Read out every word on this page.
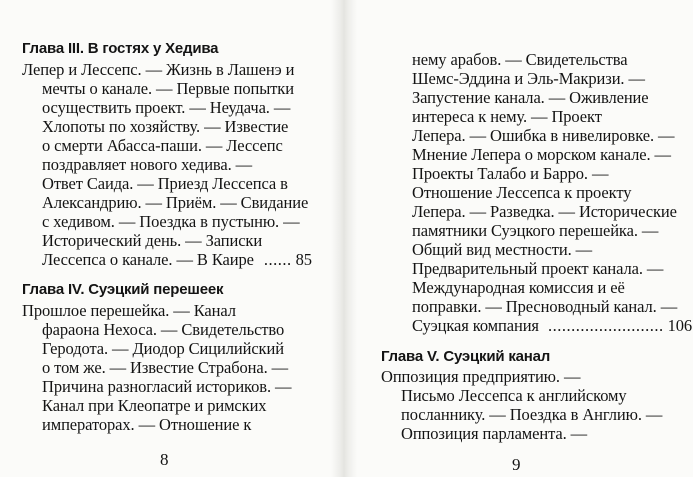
Глава III. В гостях у Хедива
Лепер и Лессепс. — Жизнь в Лашенэ и
мечты о канале. — Первые попытки
осуществить проект. — Неудача. —
Хлопоты по хозяйству. — Известие
о смерти Абасса-паши. — Лессепс
поздравляет нового хедива. —
Ответ Саида. — Приезд Лессепса в
Александрию. — Приём. — Свидание
с хедивом. — Поездка в пустыню. —
Исторический день. — Записки
Лессепса о канале. — В Каире ...... 85
Глава IV. Суэцкий перешеек
Прошлое перешейка. — Канал
фараона Нехоса. — Свидетельство
Геродота. — Диодор Сицилийский
о том же. — Известие Страбона. —
Причина разногласий историков. —
Канал при Клеопатре и римских
императорах. — Отношение к
8
нему арабов. — Свидетельства
Шемс-Эддина и Эль-Макризи. —
Запустение канала. — Оживление
интереса к нему. — Проект
Лепера. — Ошибка в нивелировке. —
Мнение Лепера о морском канале. —
Проекты Талабо и Барро. —
Отношение Лессепса к проекту
Лепера. — Разведка. — Исторические
памятники Суэцкого перешейка. —
Общий вид местности. —
Предварительный проект канала. —
Международная комиссия и её
поправки. — Пресноводный канал. —
Суэцкая компания ......................... 106
Глава V. Суэцкий канал
Оппозиция предприятию. —
Письмо Лессепса к английскому
посланнику. — Поездка в Англию. —
Оппозиция парламента. —
9
